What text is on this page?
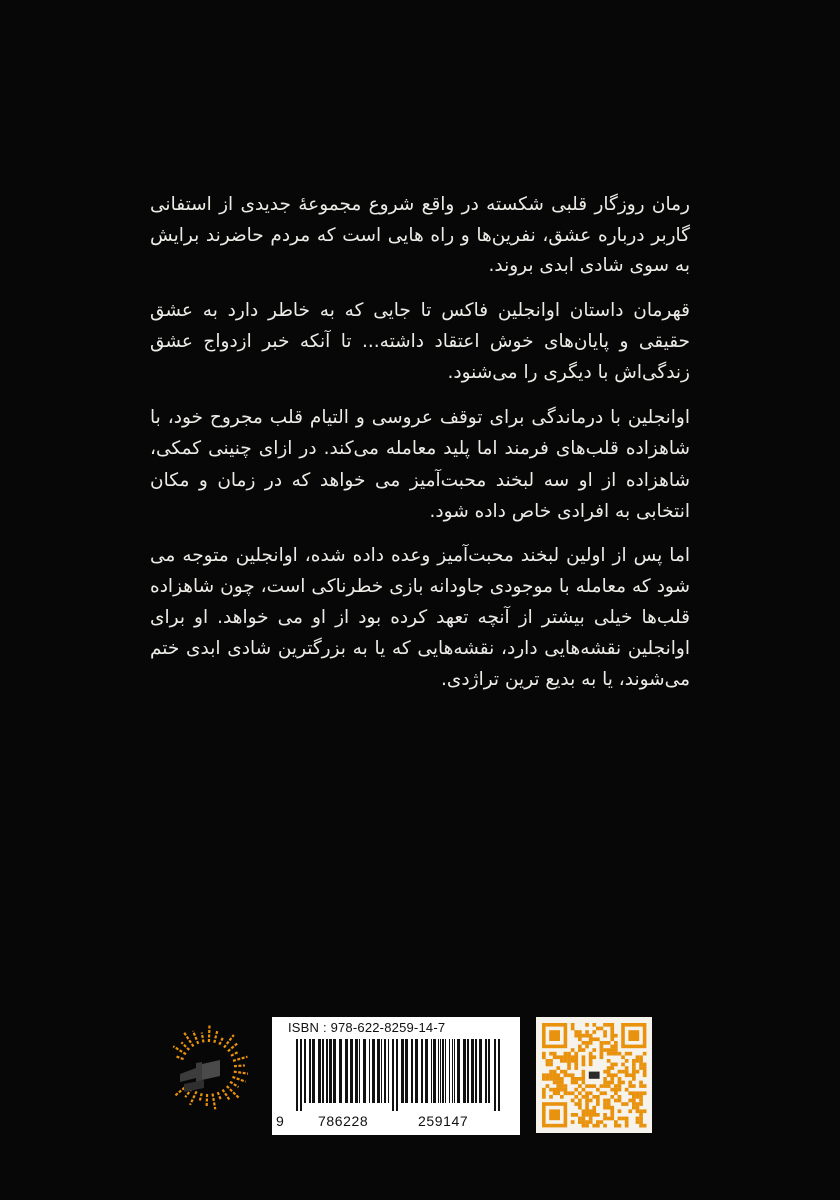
رمان روزگار قلبی شکسته در واقع شروع مجموعهٔ جدیدی از استفانی گاربر درباره عشق، نفرین‌ها و راه هایی است که مردم حاضرند برایش به سوی شادی ابدی بروند.

قهرمان داستان اوانجلین فاکس تا جایی که به خاطر دارد به عشق حقیقی و پایان‌های خوش اعتقاد داشته... تا آنکه خبر ازدواج عشق زندگی‌اش با دیگری را می‌شنود.

اوانجلین با درماندگی برای توقف عروسی و التیام قلب مجروح خود، با شاهزاده قلب‌های فرمند اما پلید معامله می‌کند. در ازای چنینی کمکی، شاهزاده از او سه لبخند محبت‌آمیز می خواهد که در زمان و مکان انتخابی به افرادی خاص داده شود.

اما پس از اولین لبخند محبت‌آمیز وعده داده شده، اوانجلین متوجه می شود که معامله با موجودی جاودانه بازی خطرناکی است، چون شاهزاده قلب‌ها خیلی بیشتر از آنچه تعهد کرده بود از او می خواهد. او برای اوانجلین نقشه‌هایی دارد، نقشه‌هایی که یا به بزرگترین شادی ابدی ختم می‌شوند، یا به بدیع ترین تراژدی.

ISBN : 978-622-8259-14-7
9 786228	259147
